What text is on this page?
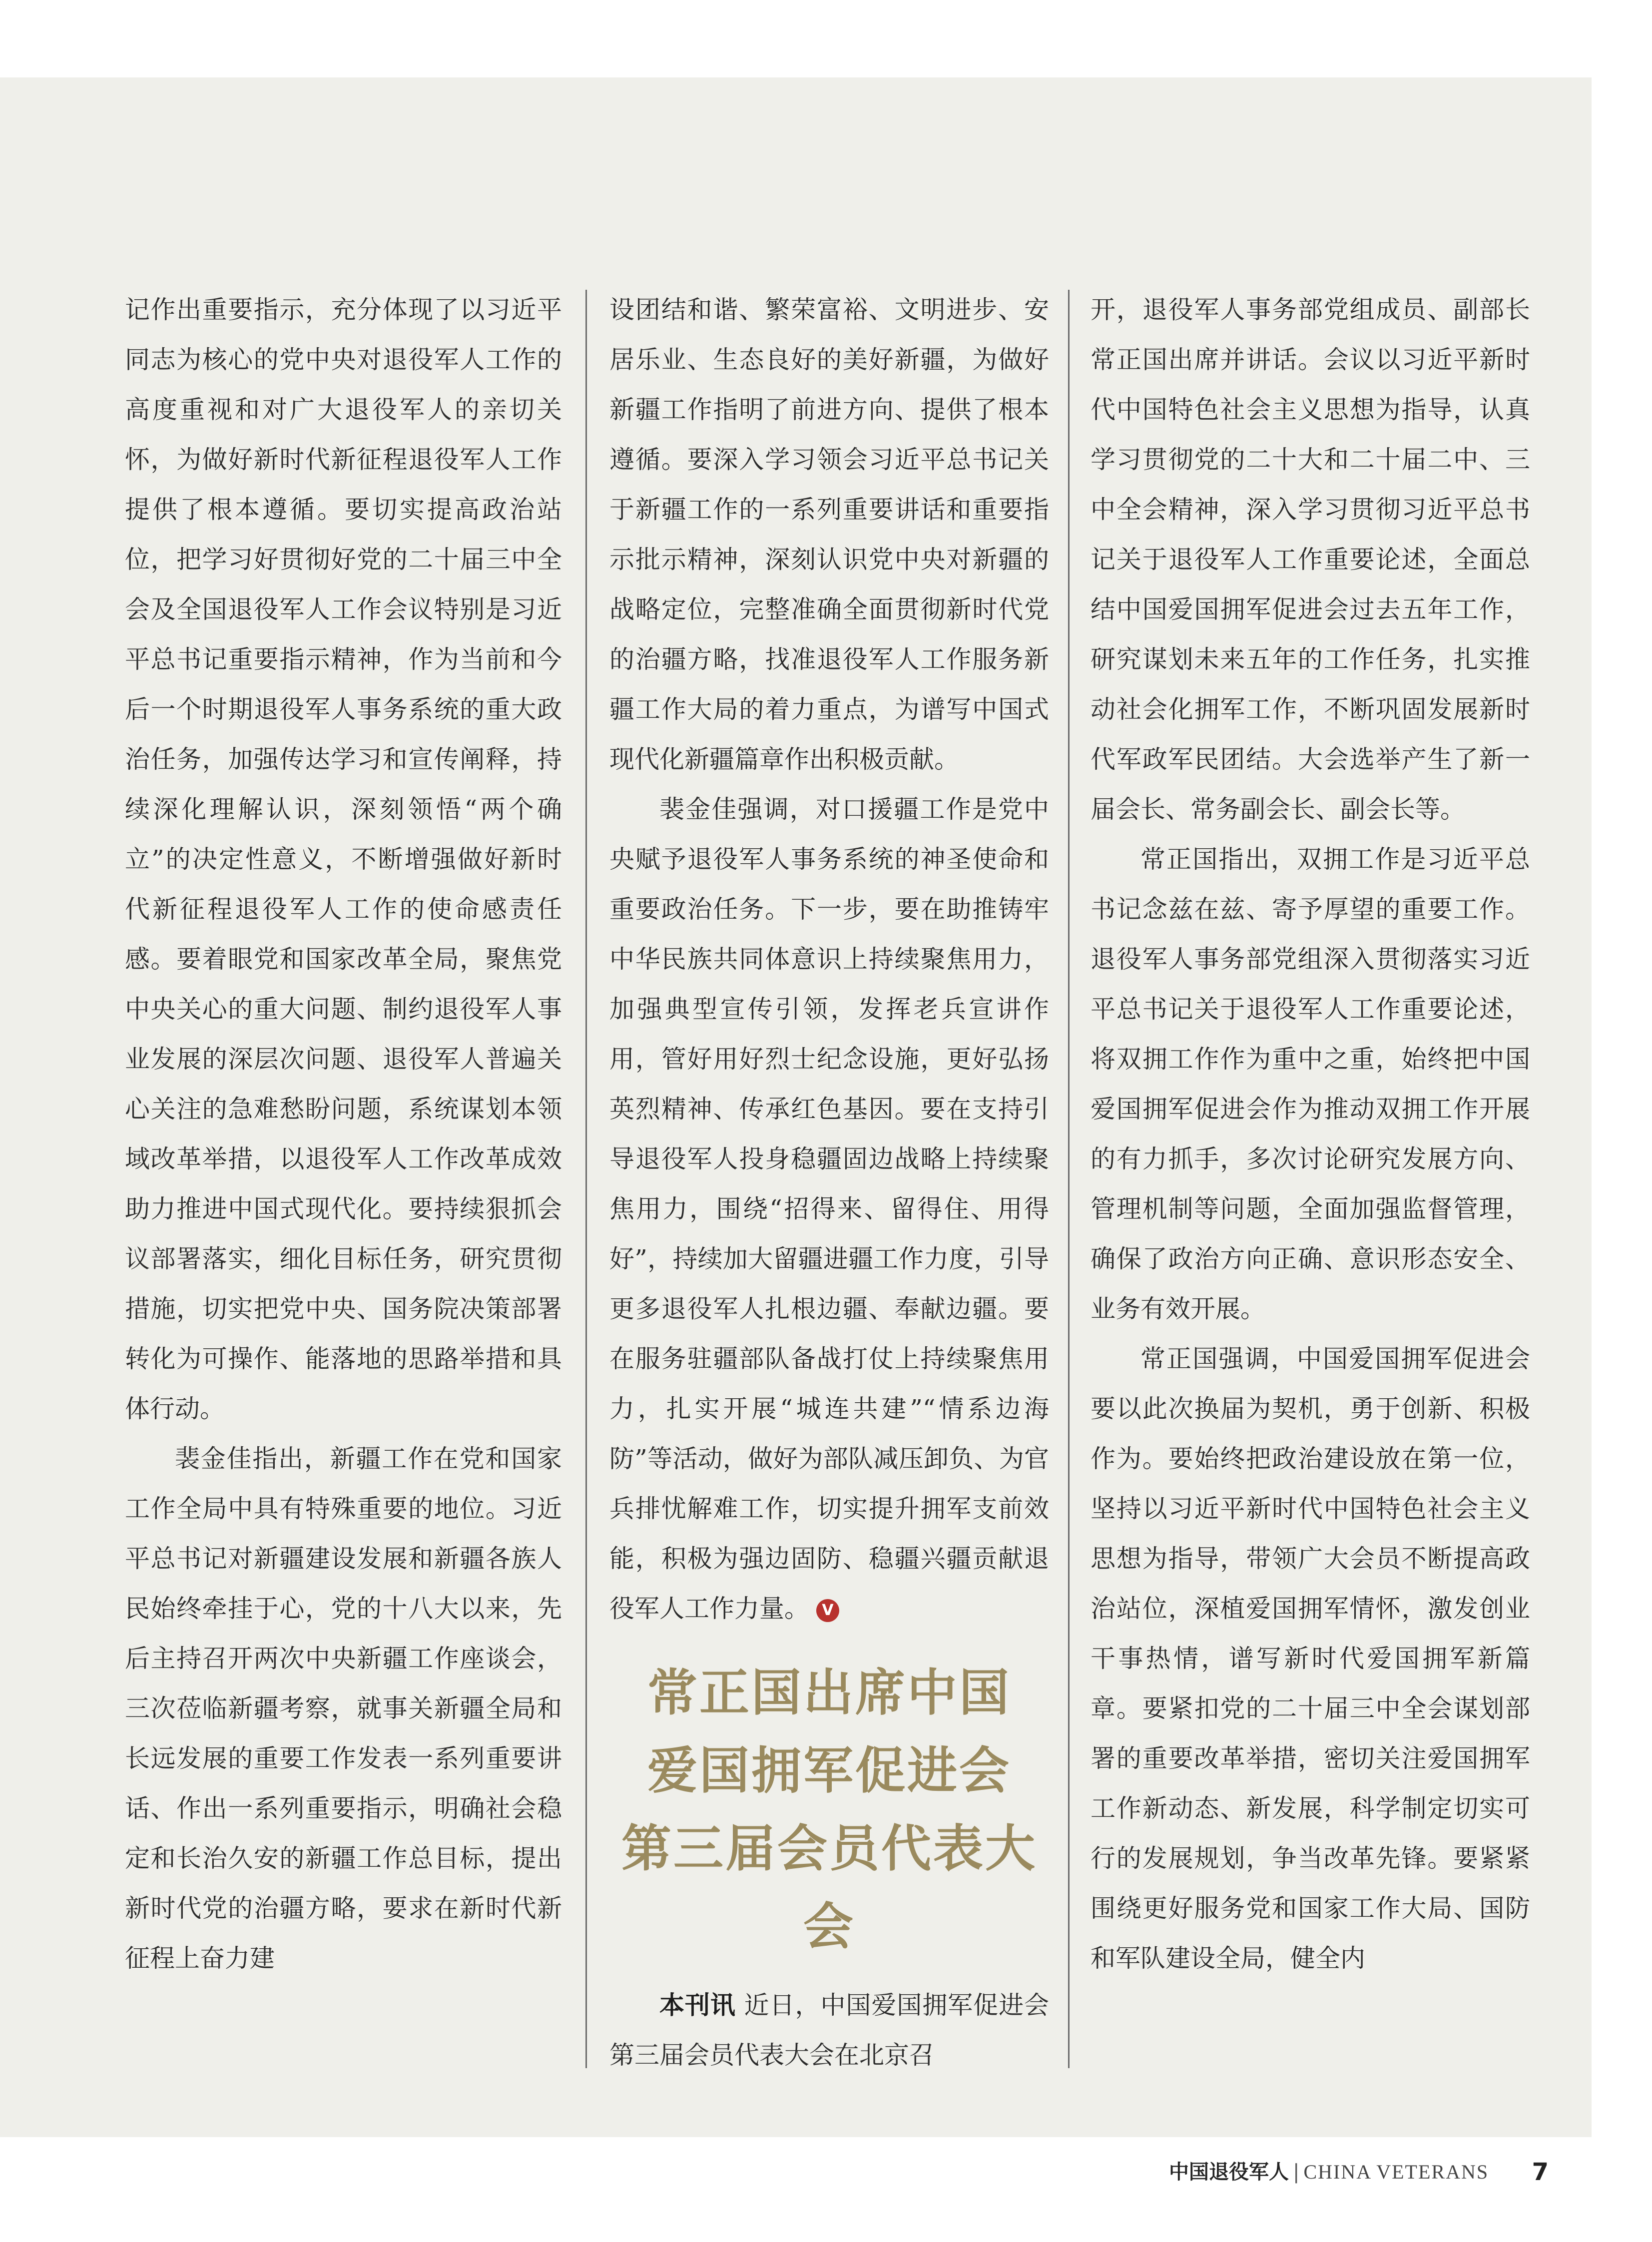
记作出重要指示，充分体现了以习近平同志为核心的党中央对退役军人工作的高度重视和对广大退役军人的亲切关怀，为做好新时代新征程退役军人工作提供了根本遵循。要切实提高政治站位，把学习好贯彻好党的二十届三中全会及全国退役军人工作会议特别是习近平总书记重要指示精神，作为当前和今后一个时期退役军人事务系统的重大政治任务，加强传达学习和宣传阐释，持续深化理解认识，深刻领悟“两个确立”的决定性意义，不断增强做好新时代新征程退役军人工作的使命感责任感。要着眼党和国家改革全局，聚焦党中央关心的重大问题、制约退役军人事业发展的深层次问题、退役军人普遍关心关注的急难愁盼问题，系统谋划本领域改革举措，以退役军人工作改革成效助力推进中国式现代化。要持续狠抓会议部署落实，细化目标任务，研究贯彻措施，切实把党中央、国务院决策部署转化为可操作、能落地的思路举措和具体行动。

裴金佳指出，新疆工作在党和国家工作全局中具有特殊重要的地位。习近平总书记对新疆建设发展和新疆各族人民始终牵挂于心，党的十八大以来，先后主持召开两次中央新疆工作座谈会，三次莅临新疆考察，就事关新疆全局和长远发展的重要工作发表一系列重要讲话、作出一系列重要指示，明确社会稳定和长治久安的新疆工作总目标，提出新时代党的治疆方略，要求在新时代新征程上奋力建

设团结和谐、繁荣富裕、文明进步、安居乐业、生态良好的美好新疆，为做好新疆工作指明了前进方向、提供了根本遵循。要深入学习领会习近平总书记关于新疆工作的一系列重要讲话和重要指示批示精神，深刻认识党中央对新疆的战略定位，完整准确全面贯彻新时代党的治疆方略，找准退役军人工作服务新疆工作大局的着力重点，为谱写中国式现代化新疆篇章作出积极贡献。

裴金佳强调，对口援疆工作是党中央赋予退役军人事务系统的神圣使命和重要政治任务。下一步，要在助推铸牢中华民族共同体意识上持续聚焦用力，加强典型宣传引领，发挥老兵宣讲作用，管好用好烈士纪念设施，更好弘扬英烈精神、传承红色基因。要在支持引导退役军人投身稳疆固边战略上持续聚焦用力，围绕“招得来、留得住、用得好”，持续加大留疆进疆工作力度，引导更多退役军人扎根边疆、奉献边疆。要在服务驻疆部队备战打仗上持续聚焦用力，扎实开展“城连共建”“情系边海防”等活动，做好为部队减压卸负、为官兵排忧解难工作，切实提升拥军支前效能，积极为强边固防、稳疆兴疆贡献退役军人工作力量。 V

常正国出席中国
爱国拥军促进会
第三届会员代表大会

本刊讯 近日，中国爱国拥军促进会第三届会员代表大会在北京召

开，退役军人事务部党组成员、副部长常正国出席并讲话。会议以习近平新时代中国特色社会主义思想为指导，认真学习贯彻党的二十大和二十届二中、三中全会精神，深入学习贯彻习近平总书记关于退役军人工作重要论述，全面总结中国爱国拥军促进会过去五年工作，研究谋划未来五年的工作任务，扎实推动社会化拥军工作，不断巩固发展新时代军政军民团结。大会选举产生了新一届会长、常务副会长、副会长等。

常正国指出，双拥工作是习近平总书记念兹在兹、寄予厚望的重要工作。退役军人事务部党组深入贯彻落实习近平总书记关于退役军人工作重要论述，将双拥工作作为重中之重，始终把中国爱国拥军促进会作为推动双拥工作开展的有力抓手，多次讨论研究发展方向、管理机制等问题，全面加强监督管理，确保了政治方向正确、意识形态安全、业务有效开展。

常正国强调，中国爱国拥军促进会要以此次换届为契机，勇于创新、积极作为。要始终把政治建设放在第一位，坚持以习近平新时代中国特色社会主义思想为指导，带领广大会员不断提高政治站位，深植爱国拥军情怀，激发创业干事热情，谱写新时代爱国拥军新篇章。要紧扣党的二十届三中全会谋划部署的重要改革举措，密切关注爱国拥军工作新动态、新发展，科学制定切实可行的发展规划，争当改革先锋。要紧紧围绕更好服务党和国家工作大局、国防和军队建设全局，健全内

中国退役军人 | CHINA VETERANS 7
